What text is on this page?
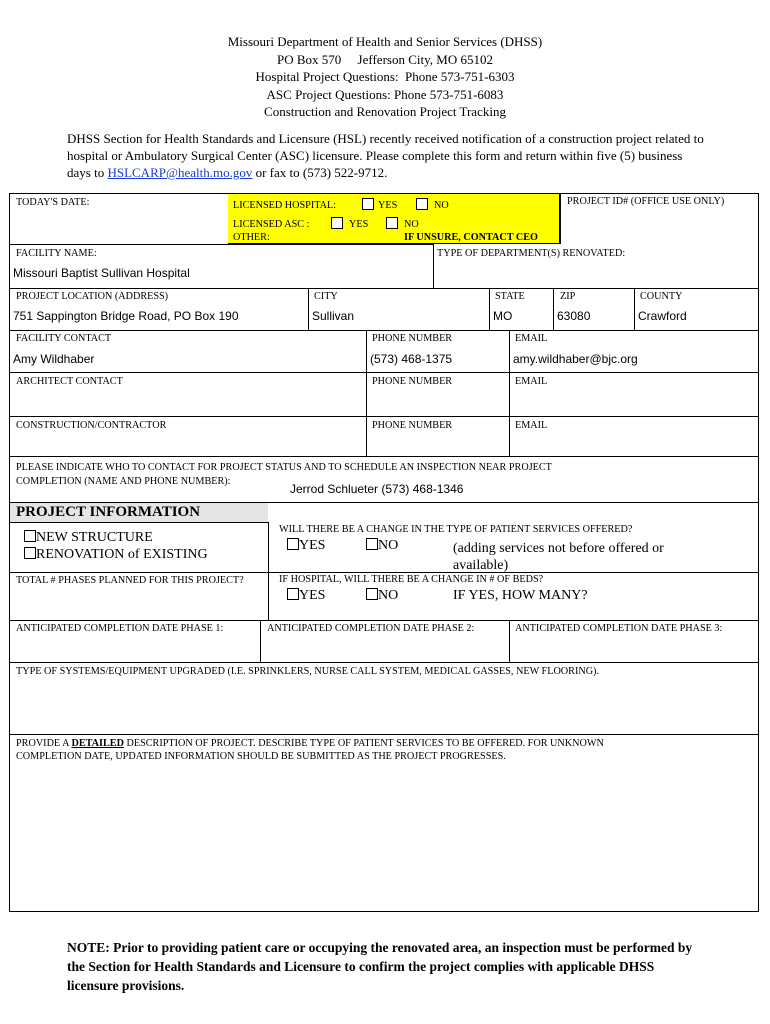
Missouri Department of Health and Senior Services (DHSS)
PO Box 570     Jefferson City, MO 65102
Hospital Project Questions:  Phone 573-751-6303
ASC Project Questions: Phone 573-751-6083
Construction and Renovation Project Tracking
DHSS Section for Health Standards and Licensure (HSL) recently received notification of a construction project related to hospital or Ambulatory Surgical Center (ASC) licensure. Please complete this form and return within five (5) business days to HSLCARP@health.mo.gov or fax to (573) 522-9712.
TODAY'S DATE:	LICENSED HOSPITAL:	YES	NO
LICENSED ASC :	YES	NO
OTHER:	IF UNSURE, CONTACT CEO
PROJECT ID# (OFFICE USE ONLY)
FACILITY NAME:	TYPE OF DEPARTMENT(S) RENOVATED:
Missouri Baptist Sullivan Hospital
PROJECT LOCATION (ADDRESS)	CITY	STATE	ZIP	COUNTY
751 Sappington Bridge Road, PO Box 190	Sullivan	MO	63080	Crawford
FACILITY CONTACT	PHONE NUMBER	EMAIL
Amy Wildhaber	(573) 468-1375	amy.wildhaber@bjc.org
ARCHITECT CONTACT	PHONE NUMBER	EMAIL
CONSTRUCTION/CONTRACTOR	PHONE NUMBER	EMAIL
PLEASE INDICATE WHO TO CONTACT FOR PROJECT STATUS AND TO SCHEDULE AN INSPECTION NEAR PROJECT
COMPLETION (NAME AND PHONE NUMBER):
Jerrod Schlueter (573) 468-1346
PROJECT INFORMATION
NEW STRUCTURE
RENOVATION of EXISTING
WILL THERE BE A CHANGE IN THE TYPE OF PATIENT SERVICES OFFERED?
YES	NO	(adding services not before offered or available)
TOTAL # PHASES PLANNED FOR THIS PROJECT?	IF HOSPITAL, WILL THERE BE A CHANGE IN # OF BEDS?
YES	NO	IF YES, HOW MANY?
ANTICIPATED COMPLETION DATE PHASE 1:	ANTICIPATED COMPLETION DATE PHASE 2:	ANTICIPATED COMPLETION DATE PHASE 3:
TYPE OF SYSTEMS/EQUIPMENT UPGRADED (I.E. SPRINKLERS, NURSE CALL SYSTEM, MEDICAL GASSES, NEW FLOORING).
PROVIDE A DETAILED DESCRIPTION OF PROJECT. DESCRIBE TYPE OF PATIENT SERVICES TO BE OFFERED. FOR UNKNOWN
COMPLETION DATE, UPDATED INFORMATION SHOULD BE SUBMITTED AS THE PROJECT PROGRESSES.
NOTE: Prior to providing patient care or occupying the renovated area, an inspection must be performed by the Section for Health Standards and Licensure to confirm the project complies with applicable DHSS licensure provisions.
